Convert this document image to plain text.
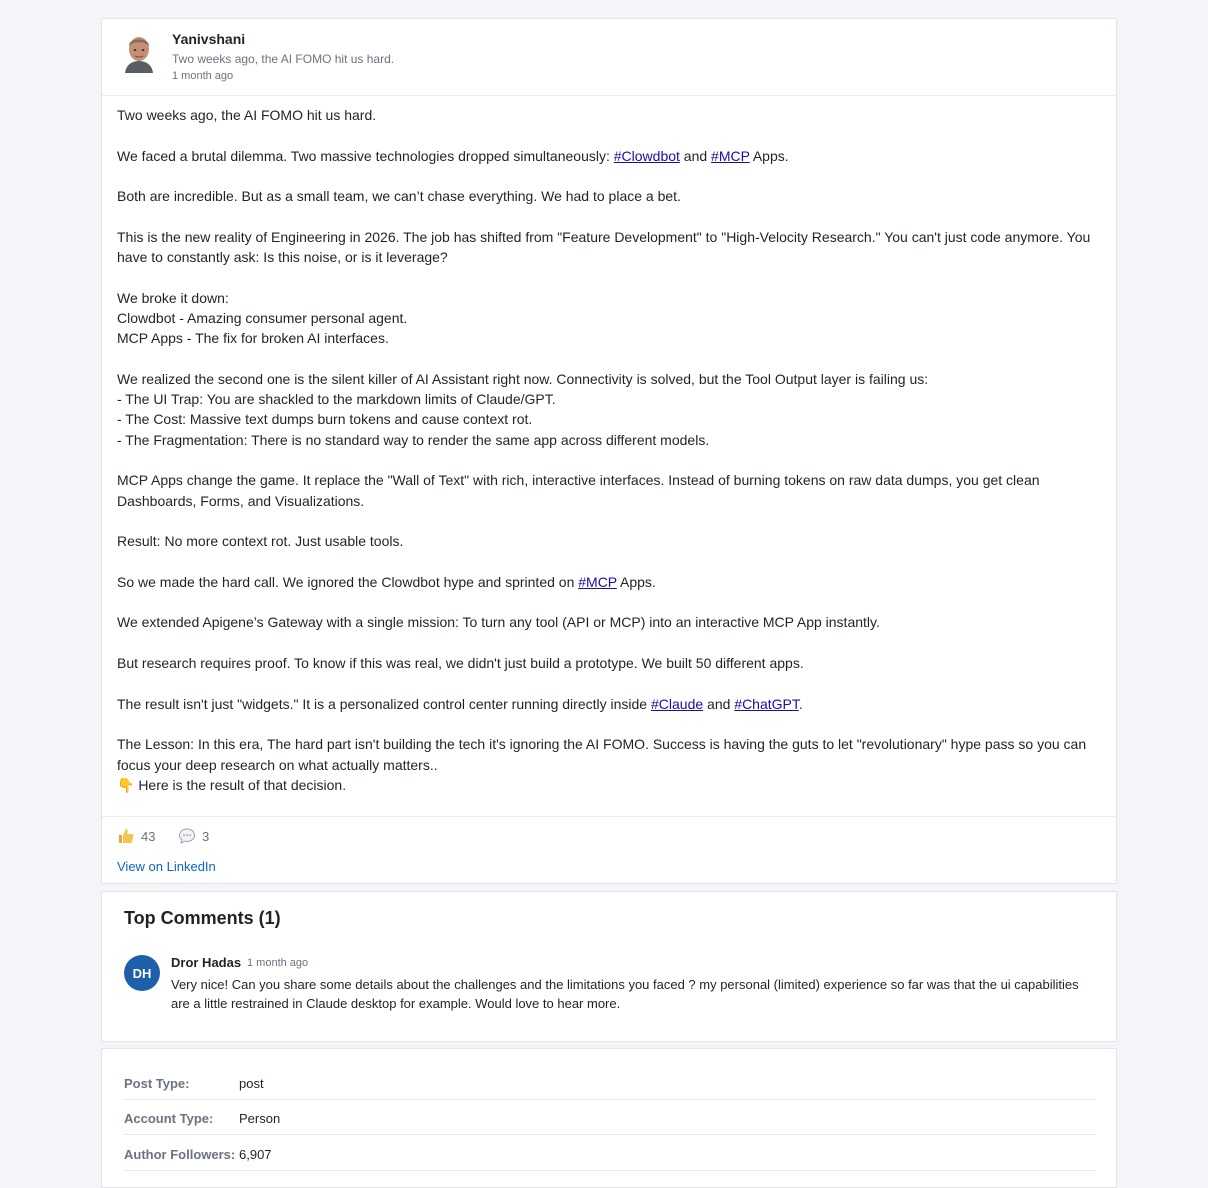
Yanivshani
Two weeks ago, the AI FOMO hit us hard.
1 month ago

Two weeks ago, the AI FOMO hit us hard.

We faced a brutal dilemma. Two massive technologies dropped simultaneously: #Clowdbot and #MCP Apps.

Both are incredible. But as a small team, we can’t chase everything. We had to place a bet.

This is the new reality of Engineering in 2026. The job has shifted from "Feature Development" to "High-Velocity Research." You can't just code anymore. You have to constantly ask: Is this noise, or is it leverage?

We broke it down:

Clowdbot - Amazing consumer personal agent.

MCP Apps - The fix for broken AI interfaces.

We realized the second one is the silent killer of AI Assistant right now. Connectivity is solved, but the Tool Output layer is failing us:

- The UI Trap: You are shackled to the markdown limits of Claude/GPT.

- The Cost: Massive text dumps burn tokens and cause context rot.

- The Fragmentation: There is no standard way to render the same app across different models.

MCP Apps change the game. It replace the "Wall of Text" with rich, interactive interfaces. Instead of burning tokens on raw data dumps, you get clean Dashboards, Forms, and Visualizations.

Result: No more context rot. Just usable tools.

So we made the hard call. We ignored the Clowdbot hype and sprinted on #MCP Apps.

We extended Apigene’s Gateway with a single mission: To turn any tool (API or MCP) into an interactive MCP App instantly.

But research requires proof. To know if this was real, we didn't just build a prototype. We built 50 different apps.

The result isn't just "widgets." It is a personalized control center running directly inside #Claude and #ChatGPT.

The Lesson: In this era, The hard part isn't building the tech it's ignoring the AI FOMO. Success is having the guts to let "revolutionary" hype pass so you can focus your deep research on what actually matters..

👇 Here is the result of that decision.

43	3
View on LinkedIn
Top Comments (1)
DH
Dror Hadas 1 month ago
Very nice! Can you share some details about the challenges and the limitations you faced ? my personal (limited) experience so far was that the ui capabilities are a little restrained in Claude desktop for example. Would love to hear more.
Post Type:	post
Account Type: Person
Author Followers: 6,907
